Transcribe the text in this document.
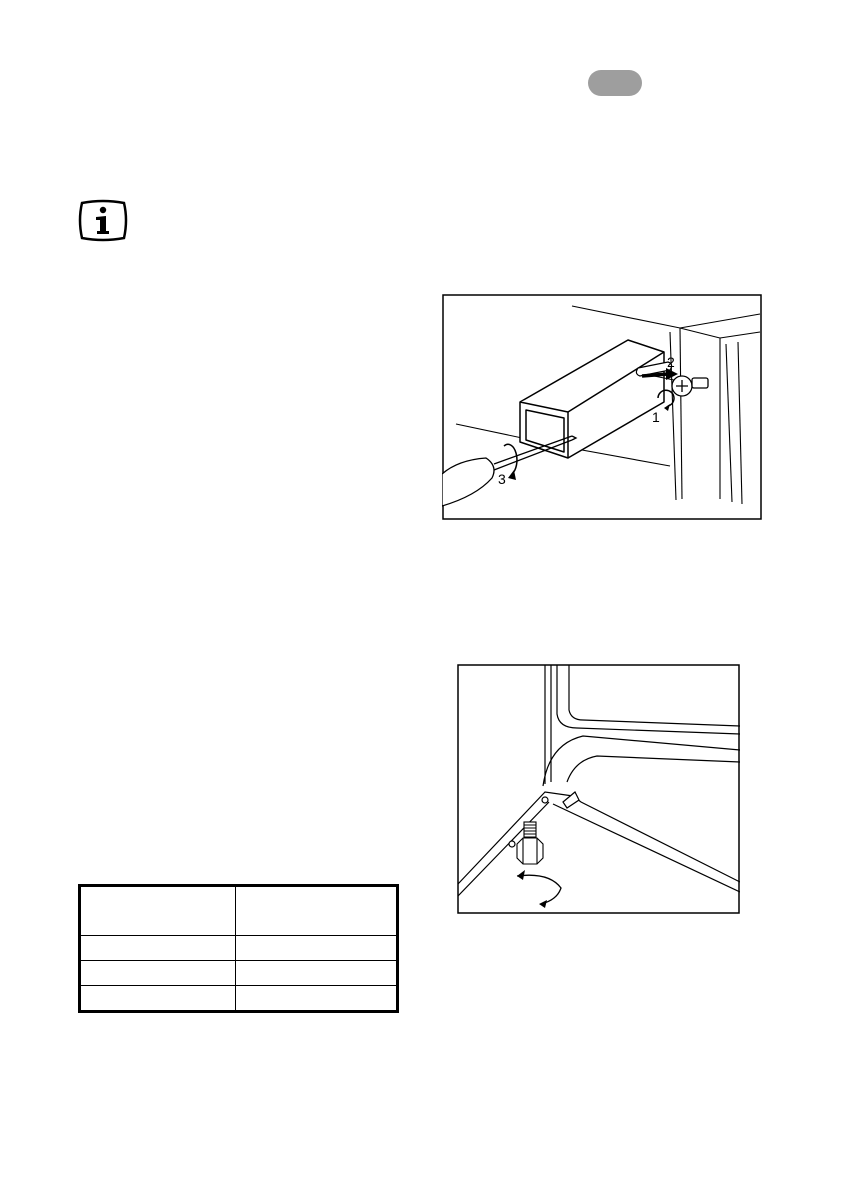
2
1
3
